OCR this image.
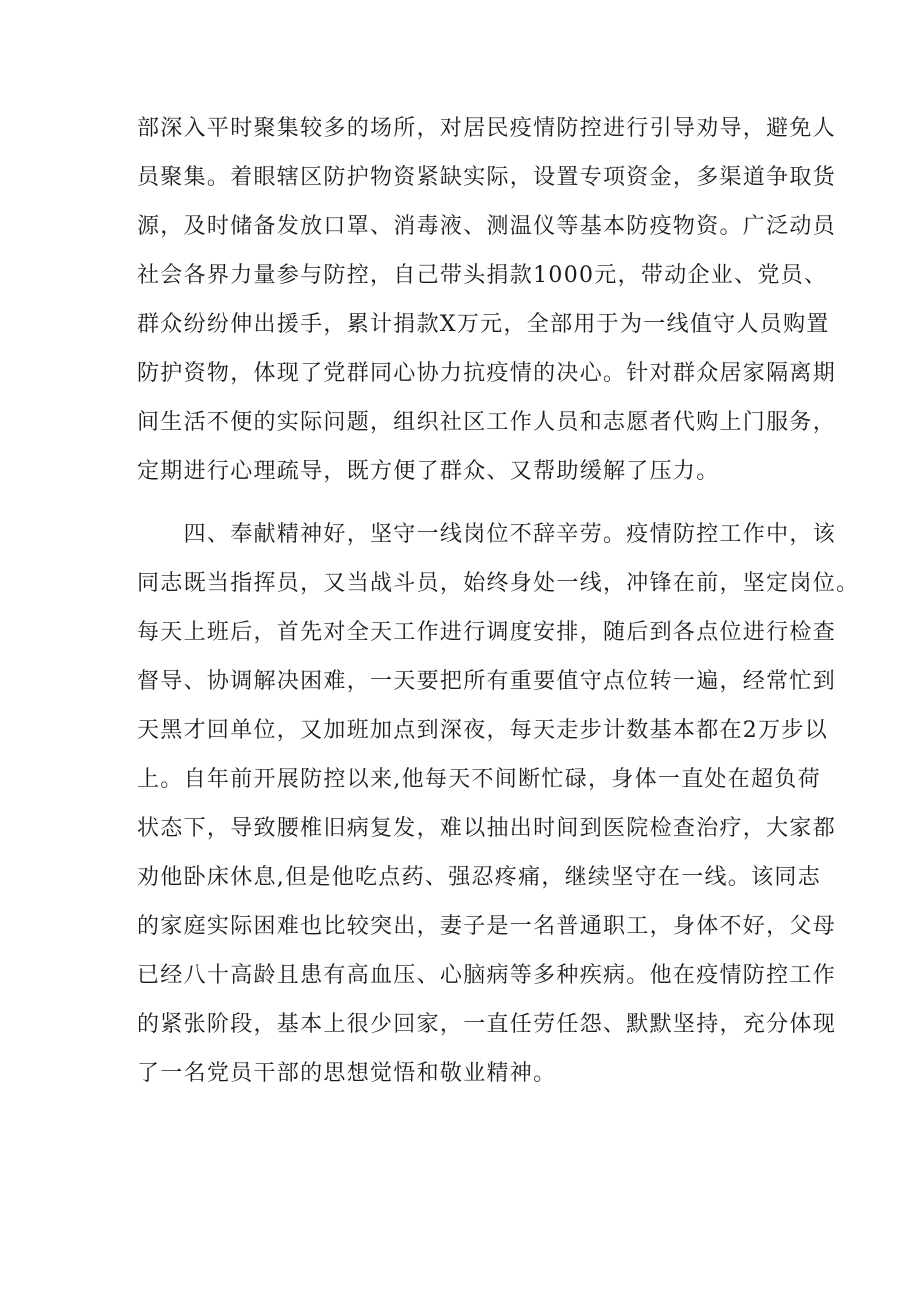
部深入平时聚集较多的场所，对居民疫情防控进行引导劝导，避免人
员聚集。着眼辖区防护物资紧缺实际，设置专项资金，多渠道争取货
源，及时储备发放口罩、消毒液、测温仪等基本防疫物资。广泛动员
社会各界力量参与防控，自己带头捐款1000元，带动企业、党员、
群众纷纷伸出援手，累计捐款X万元，全部用于为一线值守人员购置
防护资物，体现了党群同心协力抗疫情的决心。针对群众居家隔离期
间生活不便的实际问题，组织社区工作人员和志愿者代购上门服务，
定期进行心理疏导，既方便了群众、又帮助缓解了压力。
　　四、奉献精神好，坚守一线岗位不辞辛劳。疫情防控工作中，该
同志既当指挥员，又当战斗员，始终身处一线，冲锋在前，坚定岗位。
每天上班后，首先对全天工作进行调度安排，随后到各点位进行检查
督导、协调解决困难，一天要把所有重要值守点位转一遍，经常忙到
天黑才回单位，又加班加点到深夜，每天走步计数基本都在2万步以
上。自年前开展防控以来,他每天不间断忙碌，身体一直处在超负荷
状态下，导致腰椎旧病复发，难以抽出时间到医院检查治疗，大家都
劝他卧床休息,但是他吃点药、强忍疼痛，继续坚守在一线。该同志
的家庭实际困难也比较突出，妻子是一名普通职工，身体不好，父母
已经八十高龄且患有高血压、心脑病等多种疾病。他在疫情防控工作
的紧张阶段，基本上很少回家，一直任劳任怨、默默坚持，充分体现
了一名党员干部的思想觉悟和敬业精神。
